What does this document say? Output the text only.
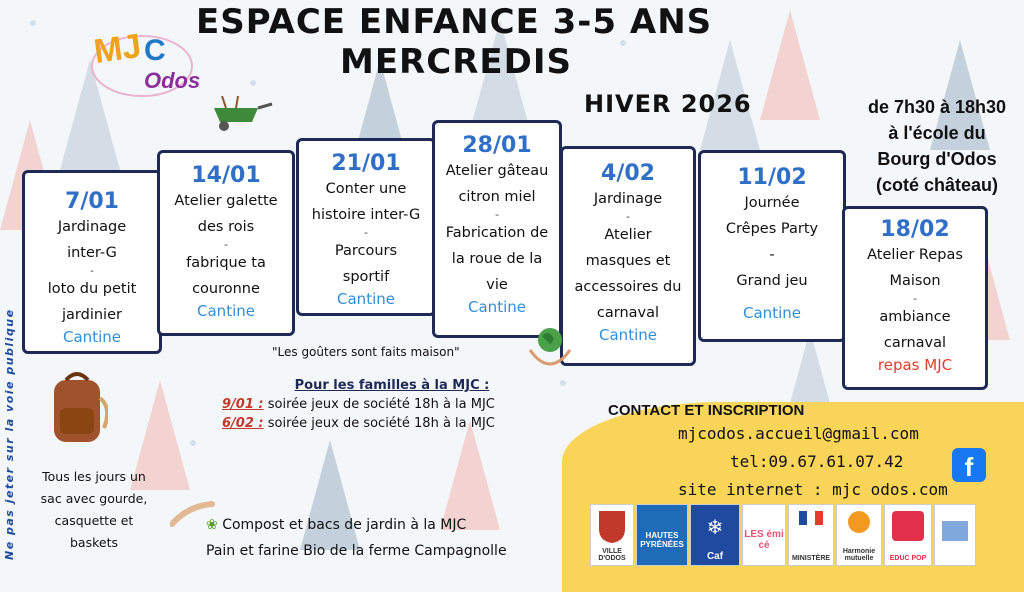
MJ C
Odos
ESPACE ENFANCE 3-5 ANS
MERCREDIS
HIVER 2026	de 7h30 à 18h30
à l'école du
Bourg d'Odos
(coté château)
7/01
Jardinage
inter-G
-
loto du petit
jardinier
Cantine
14/01
Atelier galette
des rois
-
fabrique ta
couronne
Cantine
21/01
Conter une
histoire inter-G
-
Parcours
sportif
Cantine
28/01
Atelier gâteau
citron miel
-
Fabrication de
la roue de la
vie
Cantine
4/02
Jardinage
-
Atelier
masques et
accessoires du
carnaval
Cantine
11/02
Journée
Crêpes Party
-
Grand jeu
Cantine
18/02
Atelier Repas
Maison
-
ambiance
carnaval
repas MJC
"Les goûters sont faits maison"
Pour les familles à la MJC :
9/01 : soirée jeux de société 18h à la MJC
6/02 : soirée jeux de société 18h à la MJC
Tous les jours un
sac avec gourde,
casquette et
baskets
Ne pas jeter sur la voie publique	❀ Compost et bacs de jardin à la MJC
Pain et farine Bio de la ferme Campagnolle
CONTACT ET INSCRIPTION
mjcodos.accueil@gmail.com
tel:09.67.61.07.42
site internet : mjc odos.com
f
VILLE D'ODOS
HAUTES PYRÉNÉES
❄
Caf
LES émi cé
MINISTÈRE
Harmonie mutuelle	EDUC POP
